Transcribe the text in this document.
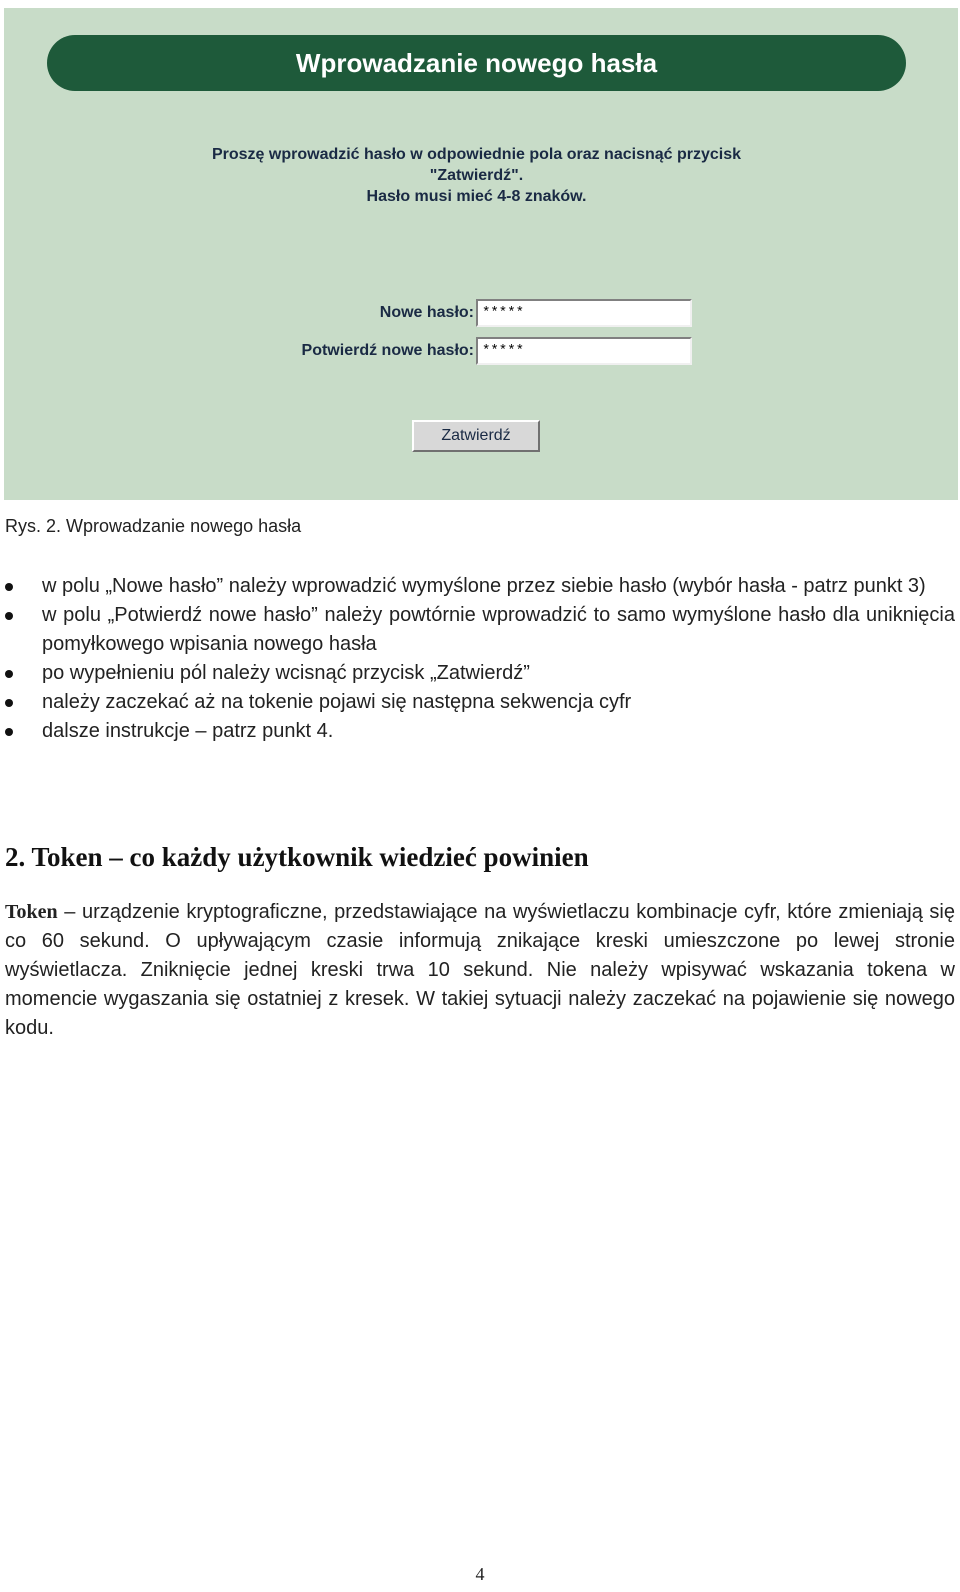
Wprowadzanie nowego hasła
Proszę wprowadzić hasło w odpowiednie pola oraz nacisnąć przycisk
"Zatwierdź".
Hasło musi mieć 4-8 znaków.
Nowe hasło:
*****
Potwierdź nowe hasło:
*****
Zatwierdź
Rys. 2. Wprowadzanie nowego hasła
w polu „Nowe hasło” należy wprowadzić wymyślone przez siebie hasło (wybór hasła - patrz punkt 3)
w polu „Potwierdź nowe hasło” należy powtórnie wprowadzić to samo wymyślone hasło dla uniknięcia pomyłkowego wpisania nowego hasła
po wypełnieniu pól należy wcisnąć przycisk „Zatwierdź”
należy zaczekać aż na tokenie pojawi się następna sekwencja cyfr
dalsze instrukcje – patrz punkt 4.
2. Token – co każdy użytkownik wiedzieć powinien

Token – urządzenie kryptograficzne, przedstawiające na wyświetlaczu kombinacje cyfr, które zmieniają się co 60 sekund. O upływającym czasie informują znikające kreski umieszczone po lewej stronie wyświetlacza. Zniknięcie jednej kreski trwa 10 sekund. Nie należy wpisywać wskazania tokena w momencie wygaszania się ostatniej z kresek. W takiej sytuacji należy zaczekać na pojawienie się nowego kodu.

4
